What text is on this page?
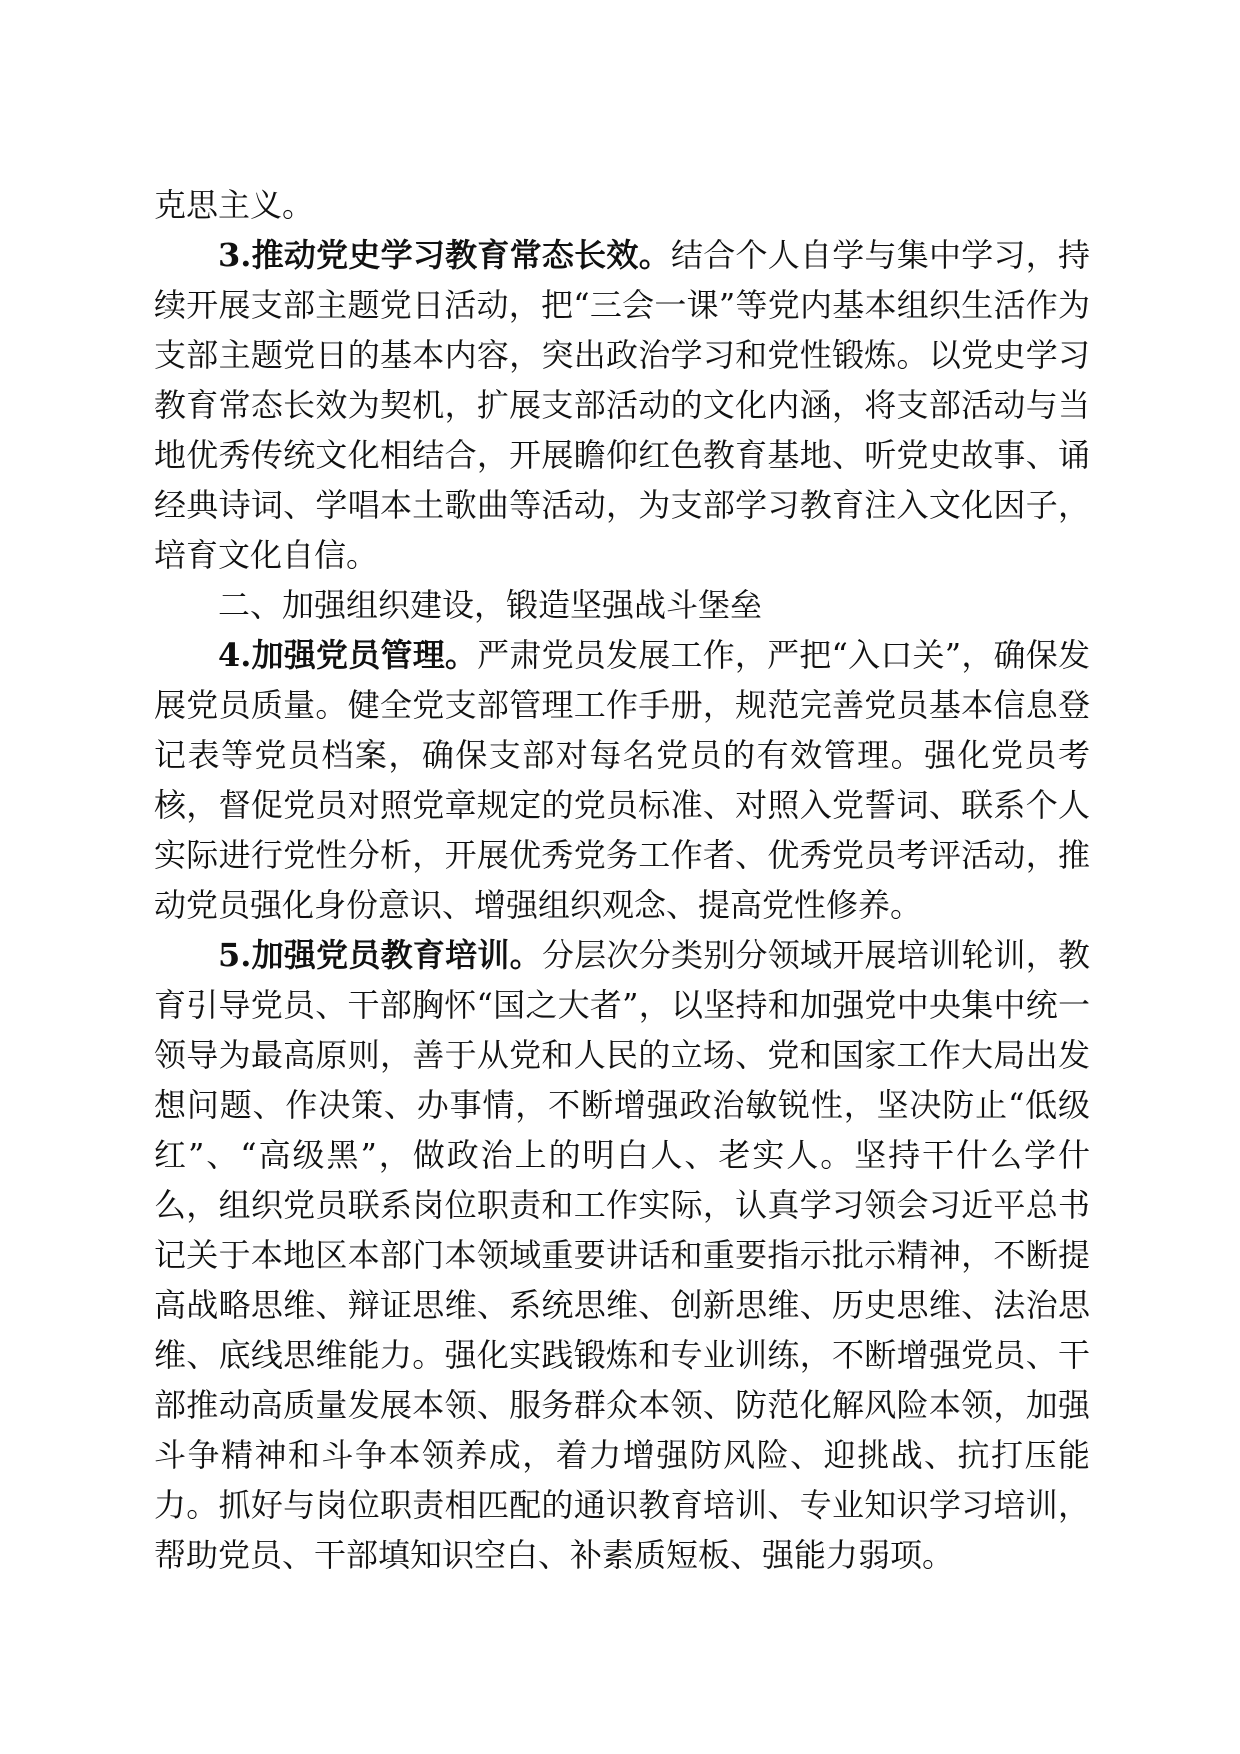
克思主义。

3.推动党史学习教育常态长效。结合个人自学与集中学习，持续开展支部主题党日活动，把“三会一课”等党内基本组织生活作为支部主题党日的基本内容，突出政治学习和党性锻炼。以党史学习教育常态长效为契机，扩展支部活动的文化内涵，将支部活动与当地优秀传统文化相结合，开展瞻仰红色教育基地、听党史故事、诵经典诗词、学唱本土歌曲等活动，为支部学习教育注入文化因子，培育文化自信。

二、加强组织建设，锻造坚强战斗堡垒

4.加强党员管理。严肃党员发展工作，严把“入口关”，确保发展党员质量。健全党支部管理工作手册，规范完善党员基本信息登记表等党员档案，确保支部对每名党员的有效管理。强化党员考核，督促党员对照党章规定的党员标准、对照入党誓词、联系个人实际进行党性分析，开展优秀党务工作者、优秀党员考评活动，推动党员强化身份意识、增强组织观念、提高党性修养。

5.加强党员教育培训。分层次分类别分领域开展培训轮训，教育引导党员、干部胸怀“国之大者”，以坚持和加强党中央集中统一领导为最高原则，善于从党和人民的立场、党和国家工作大局出发想问题、作决策、办事情，不断增强政治敏锐性，坚决防止“低级红”、“高级黑”，做政治上的明白人、老实人。坚持干什么学什么，组织党员联系岗位职责和工作实际，认真学习领会习近平总书记关于本地区本部门本领域重要讲话和重要指示批示精神，不断提高战略思维、辩证思维、系统思维、创新思维、历史思维、法治思维、底线思维能力。强化实践锻炼和专业训练，不断增强党员、干部推动高质量发展本领、服务群众本领、防范化解风险本领，加强斗争精神和斗争本领养成，着力增强防风险、迎挑战、抗打压能力。抓好与岗位职责相匹配的通识教育培训、专业知识学习培训，帮助党员、干部填知识空白、补素质短板、强能力弱项。
